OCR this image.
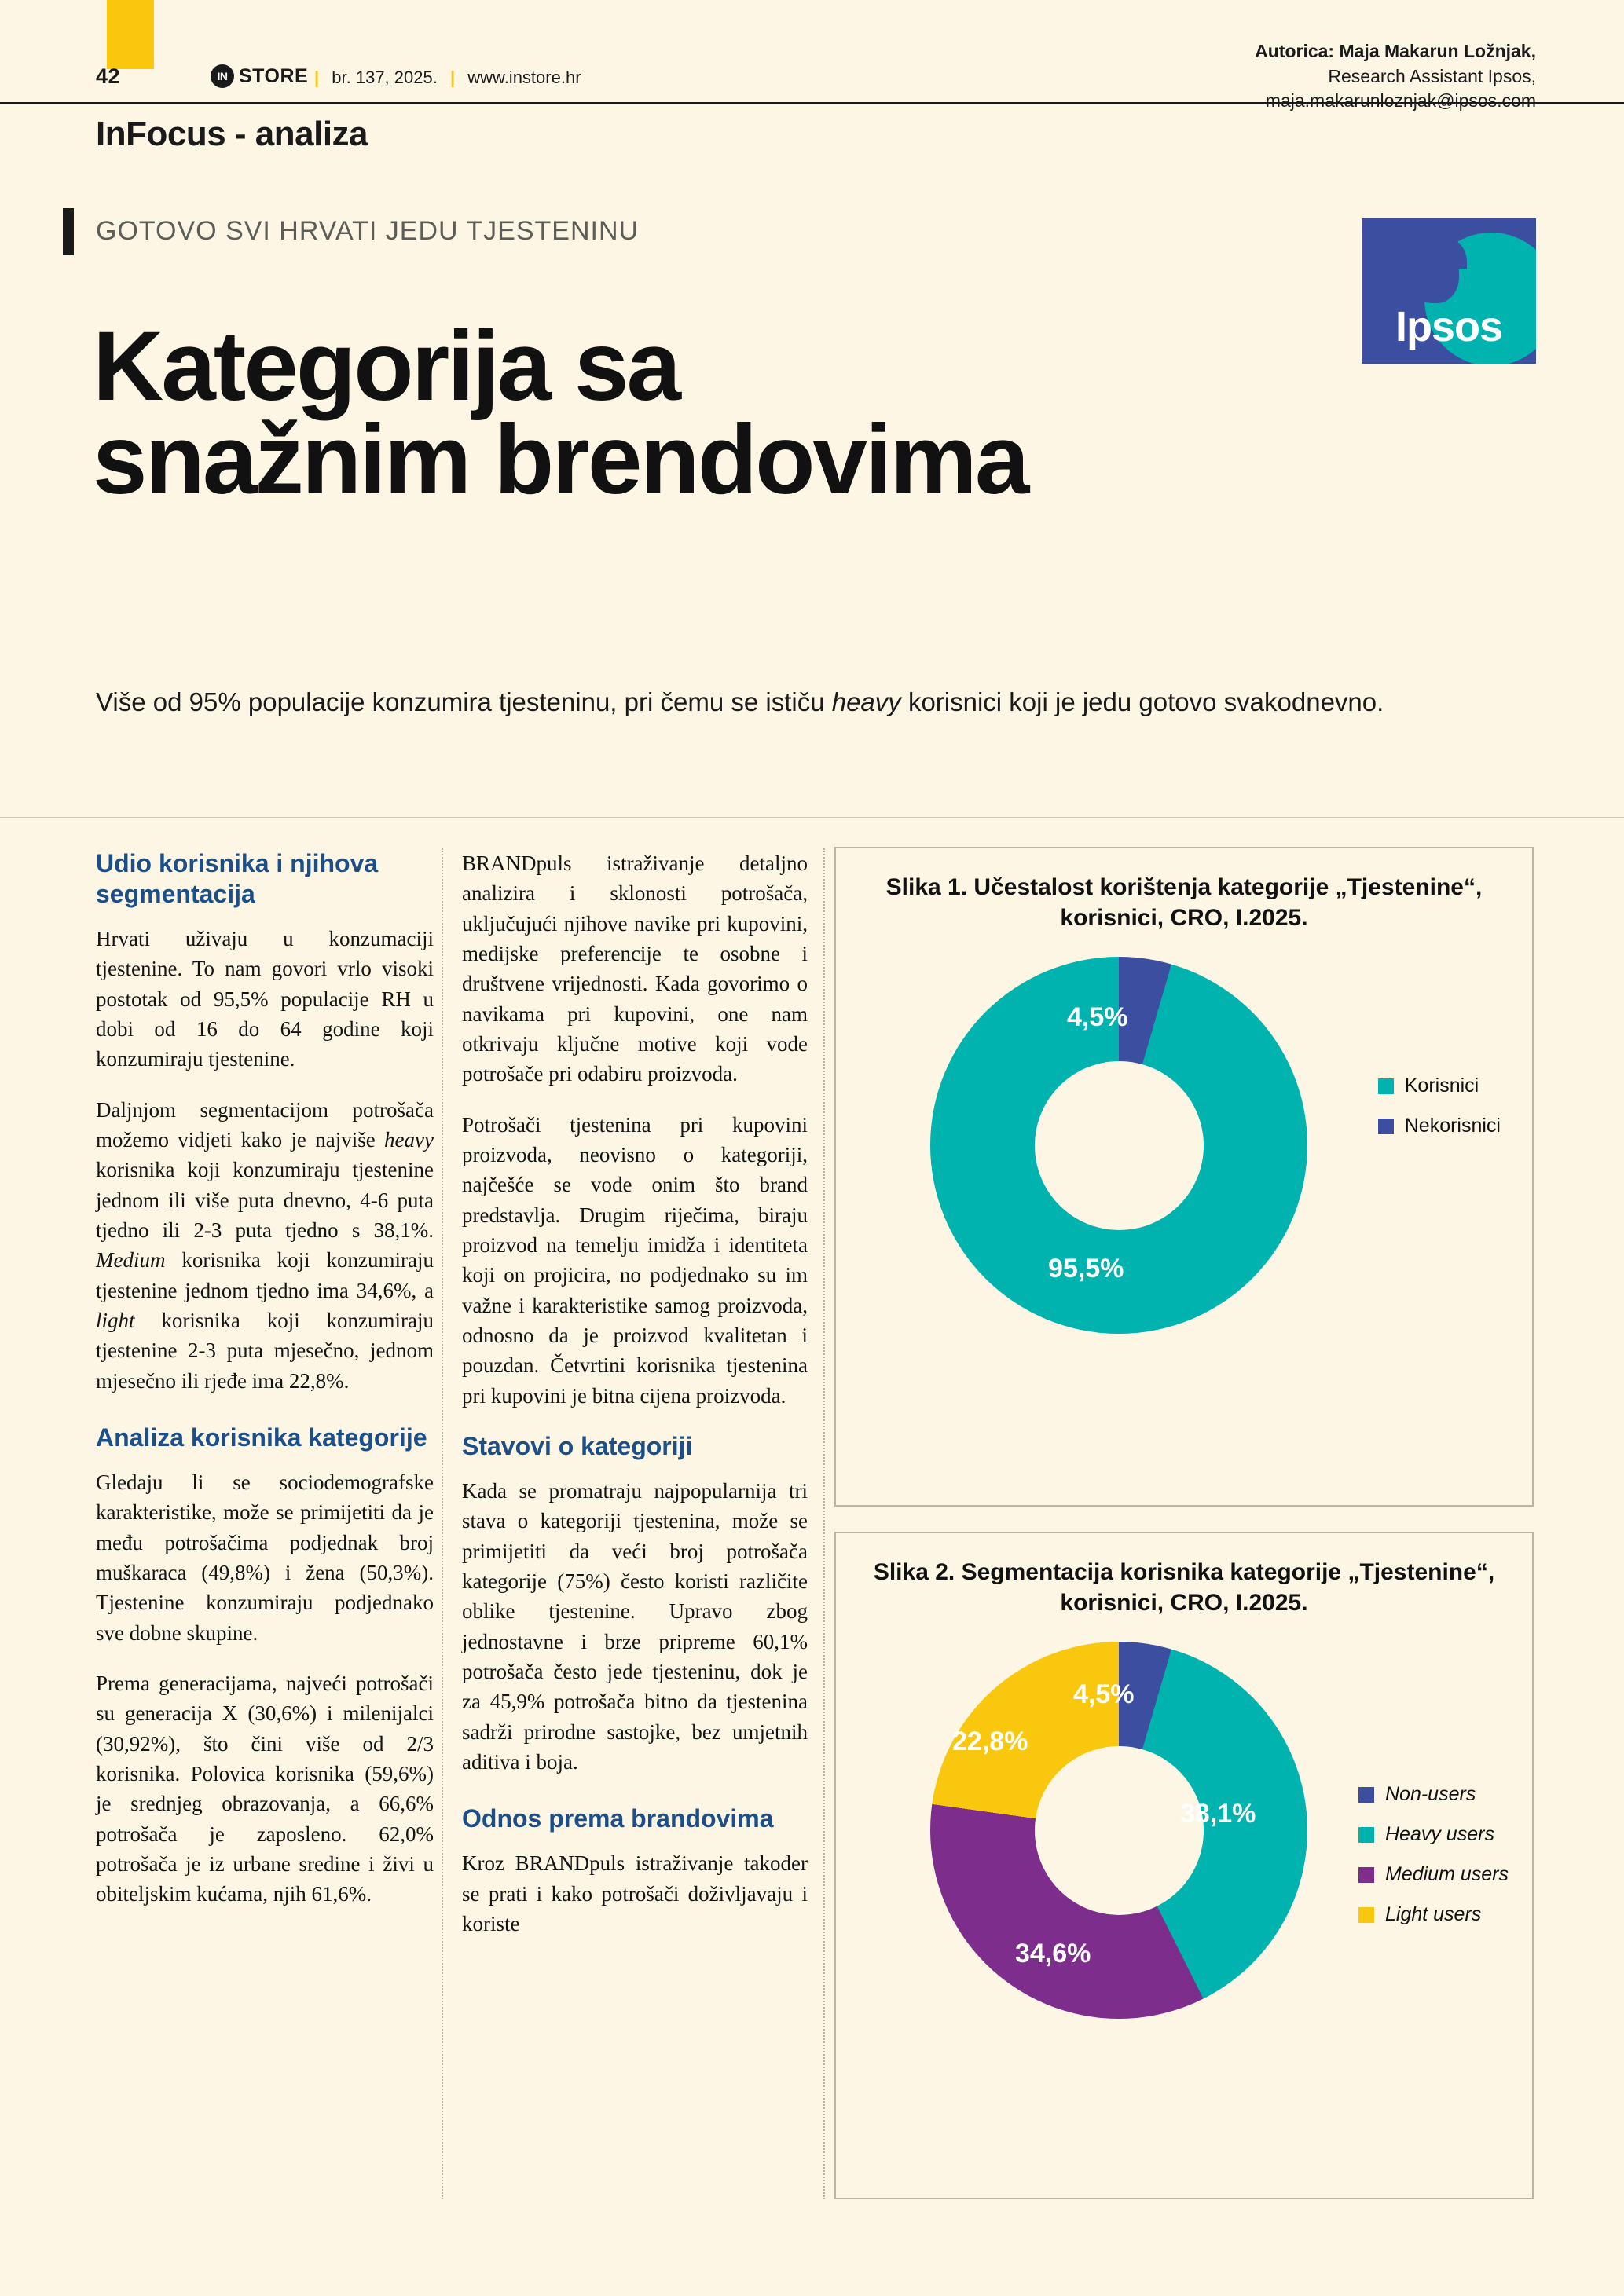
42	IN STORE | br. 137, 2025. | www.instore.hr
InFocus - analiza
Autorica: Maja Makarun Ložnjak,
Research Assistant Ipsos,
maja.makarunloznjak@ipsos.com
GOTOVO SVI HRVATI JEDU TJESTENINU
Kategorija sa
snažnim brendovima
Više od 95% populacije konzumira tjesteninu, pri čemu se ističu heavy korisnici koji je jedu gotovo svakodnevno.
Ipsos
Udio korisnika i njihova segmentacija

Hrvati uživaju u konzumaciji tjestenine. To nam govori vrlo visoki postotak od 95,5% populacije RH u dobi od 16 do 64 godine koji konzumiraju tjestenine.

Daljnjom segmentacijom potrošača možemo vidjeti kako je najviše heavy korisnika koji konzumiraju tjestenine jednom ili više puta dnevno, 4-6 puta tjedno ili 2-3 puta tjedno s 38,1%. Medium korisnika koji konzumiraju tjestenine jednom tjedno ima 34,6%, a light korisnika koji konzumiraju tjestenine 2-3 puta mjesečno, jednom mjesečno ili rjeđe ima 22,8%.

Analiza korisnika kategorije

Gledaju li se sociodemografske karakteristike, može se primijetiti da je među potrošačima podjednak broj muškaraca (49,8%) i žena (50,3%). Tjestenine konzumiraju podjednako sve dobne skupine.

Prema generacijama, najveći potrošači su generacija X (30,6%) i milenijalci (30,92%), što čini više od 2/3 korisnika. Polovica korisnika (59,6%) je srednjeg obrazovanja, a 66,6% potrošača je zaposleno. 62,0% potrošača je iz urbane sredine i živi u obiteljskim kućama, njih 61,6%.

BRANDpuls istraživanje detaljno analizira i sklonosti potrošača, uključujući njihove navike pri kupovini, medijske preferencije te osobne i društvene vrijednosti. Kada govorimo o navikama pri kupovini, one nam otkrivaju ključne motive koji vode potrošače pri odabiru proizvoda.

Potrošači tjestenina pri kupovini proizvoda, neovisno o kategoriji, najčešće se vode onim što brand predstavlja. Drugim riječima, biraju proizvod na temelju imidža i identiteta koji on projicira, no podjednako su im važne i karakteristike samog proizvoda, odnosno da je proizvod kvalitetan i pouzdan. Četvrtini korisnika tjestenina pri kupovini je bitna cijena proizvoda.

Stavovi o kategoriji

Kada se promatraju najpopularnija tri stava o kategoriji tjestenina, može se primijetiti da veći broj potrošača kategorije (75%) često koristi različite oblike tjestenine. Upravo zbog jednostavne i brze pripreme 60,1% potrošača često jede tjesteninu, dok je za 45,9% potrošača bitno da tjestenina sadrži prirodne sastojke, bez umjetnih aditiva i boja.

Odnos prema brandovima

Kroz BRANDpuls istraživanje također se prati i kako potrošači doživljavaju i koriste

Slika 1. Učestalost korištenja kategorije „Tjestenine“, korisnici, CRO, I.2025.
4,5%
95,5%
Korisnici
Nekorisnici
Slika 2. Segmentacija korisnika kategorije „Tjestenine“, korisnici, CRO, I.2025.
4,5%
38,1%
34,6%
22,8%
Non-users
Heavy users
Medium users
Light users
